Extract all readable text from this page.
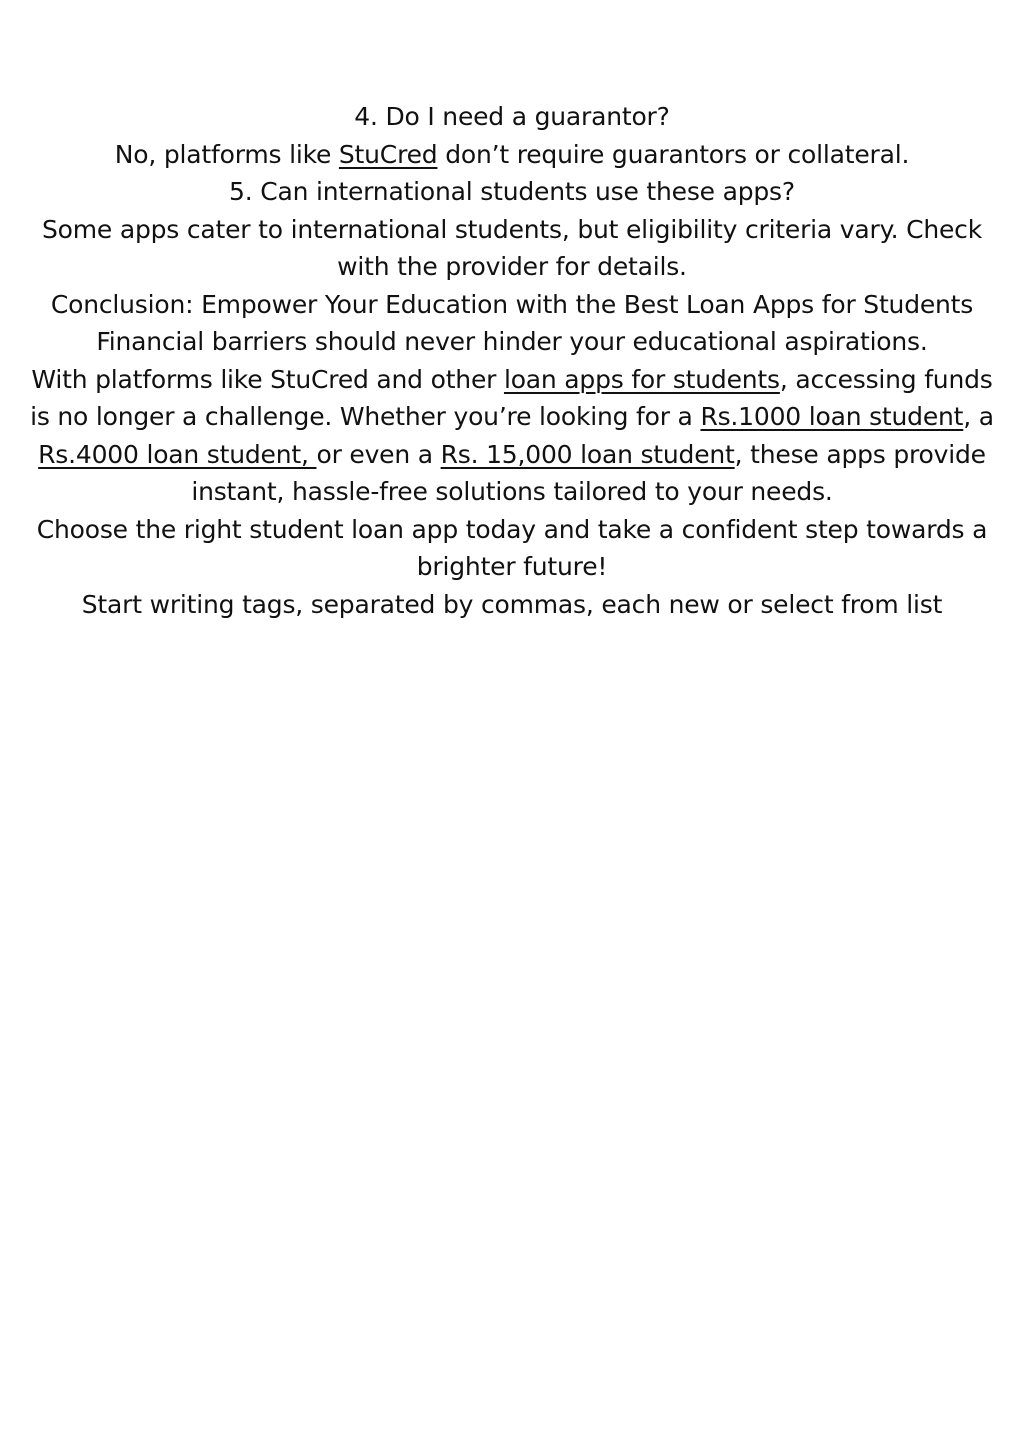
4. Do I need a guarantor?

No, platforms like StuCred don’t require guarantors or collateral.

5. Can international students use these apps?

Some apps cater to international students, but eligibility criteria vary. Check with the provider for details.

Conclusion: Empower Your Education with the Best Loan Apps for Students

Financial barriers should never hinder your educational aspirations.

With platforms like StuCred and other loan apps for students, accessing funds is no longer a challenge. Whether you’re looking for a Rs.1000 loan student, a Rs.4000 loan student, or even a Rs. 15,000 loan student, these apps provide instant, hassle-free solutions tailored to your needs.

Choose the right student loan app today and take a confident step towards a brighter future!

Start writing tags, separated by commas, each new or select from list
